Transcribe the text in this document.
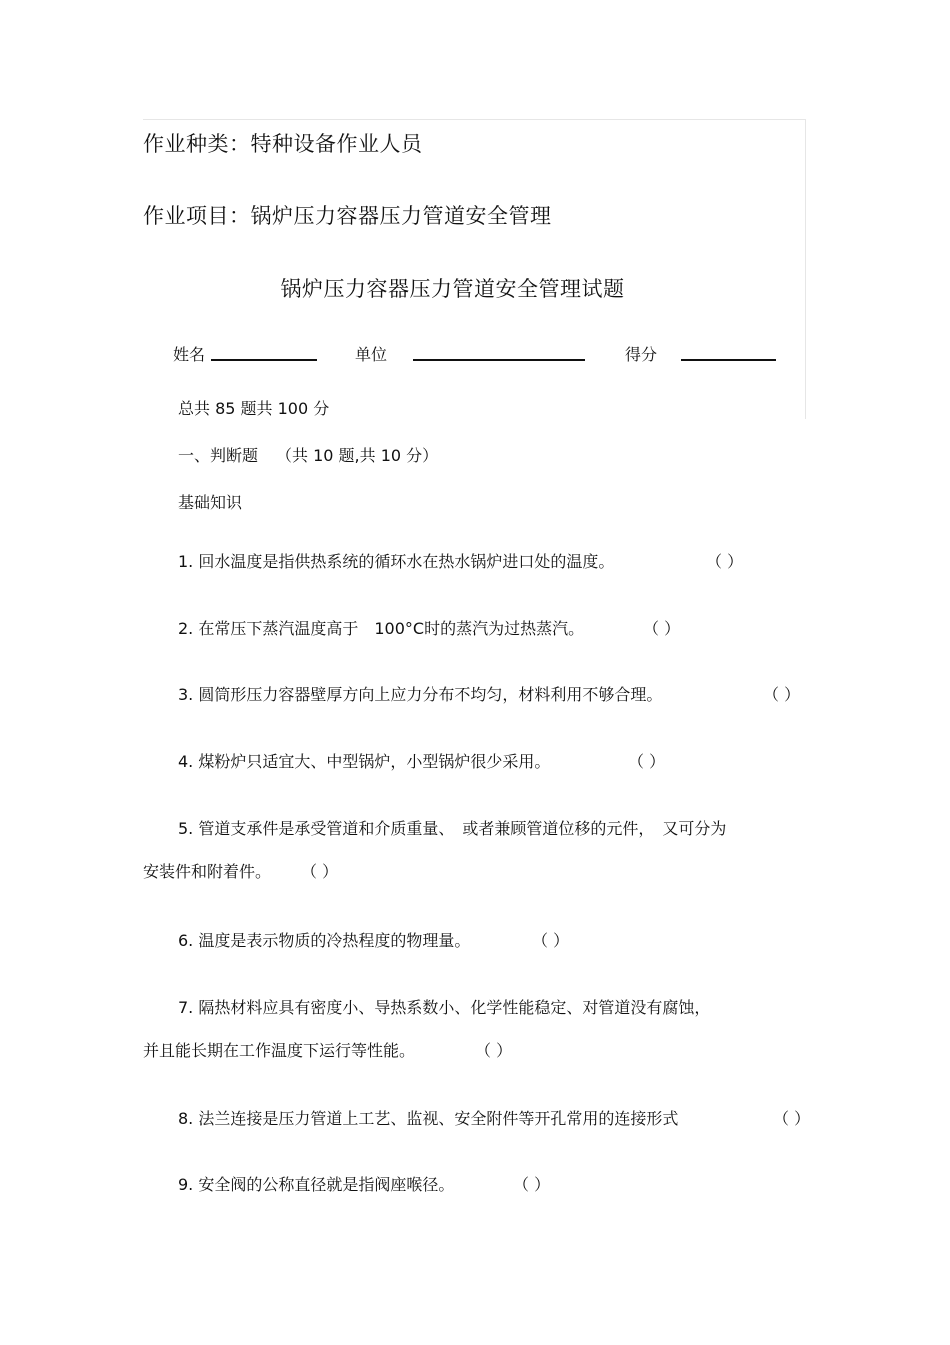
作业种类：特种设备作业人员
作业项目：锅炉压力容器压力管道安全管理
锅炉压力容器压力管道安全管理试题
姓名	单位	得分
总共 85 题共 100 分
一、判断题 （共 10 题,共 10 分）
基础知识
1. 回水温度是指供热系统的循环水在热水锅炉进口处的温度。	（ ）
2. 在常压下蒸汽温度高于　100°C时的蒸汽为过热蒸汽。	（ ）
3. 圆筒形压力容器壁厚方向上应力分布不均匀，材料利用不够合理。	（ ）
4. 煤粉炉只适宜大、中型锅炉，小型锅炉很少采用。	（ ）
5. 管道支承件是承受管道和介质重量、　或者兼顾管道位移的元件，　又可分为
安装件和附着件。 （ ）
6. 温度是表示物质的冷热程度的物理量。	（ ）
7. 隔热材料应具有密度小、导热系数小、化学性能稳定、对管道没有腐蚀，
并且能长期在工作温度下运行等性能。	（ ）
8. 法兰连接是压力管道上工艺、监视、安全附件等开孔常用的连接形式	（ ）
9. 安全阀的公称直径就是指阀座喉径。	（ ）
